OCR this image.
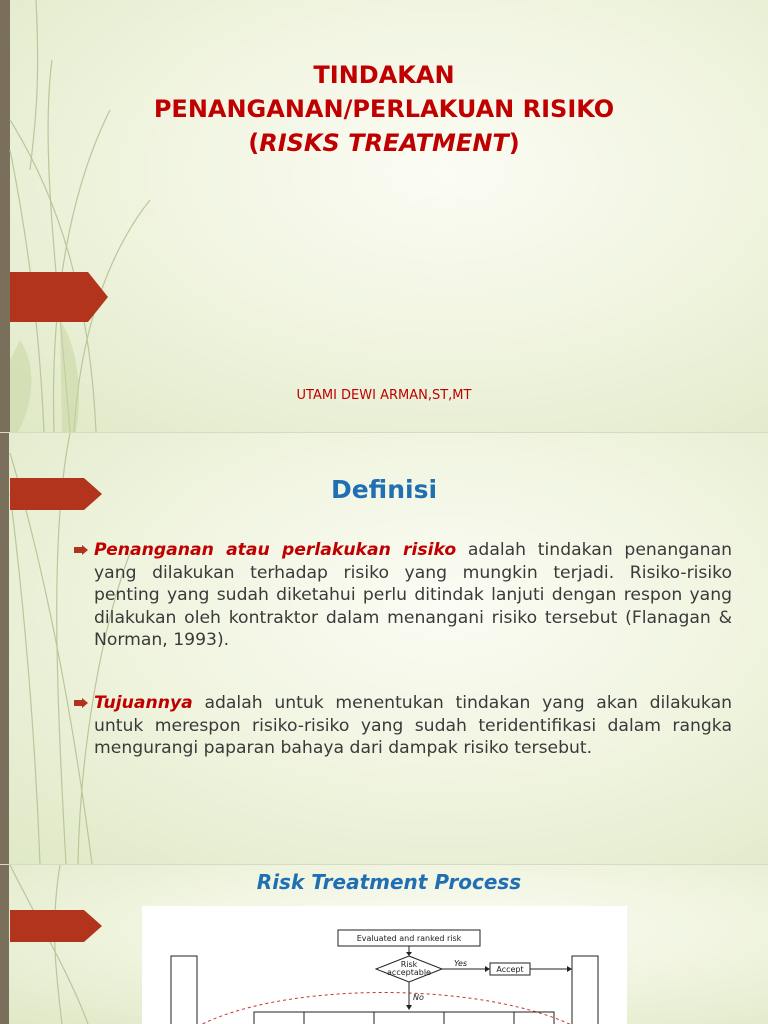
TINDAKAN
PENANGANAN/PERLAKUAN RISIKO
(RISKS TREATMENT)
UTAMI DEWI ARMAN,ST,MT
Definisi
Penanganan atau perlakukan risiko adalah tindakan penanganan yang dilakukan terhadap risiko yang mungkin terjadi. Risiko-risiko penting yang sudah diketahui perlu ditindak lanjuti dengan respon yang dilakukan oleh kontraktor dalam menangani risiko tersebut (Flanagan & Norman, 1993).
Tujuannya adalah untuk menentukan tindakan yang akan dilakukan untuk merespon risiko-risiko yang sudah teridentifikasi dalam rangka mengurangi paparan bahaya dari dampak risiko tersebut.
Risk Treatment Process
Evaluated and ranked risk
Risk
acceptable
Yes
Accept
No
